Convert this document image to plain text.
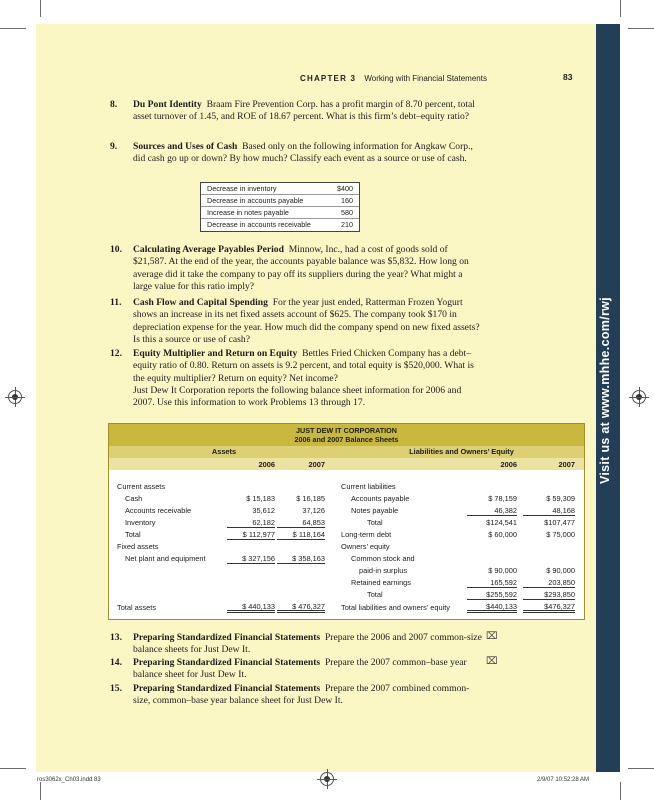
Visit us at www.mhhe.com/rwj
CHAPTER 3 Working with Financial Statements	83
8. Du Pont Identity Braam Fire Prevention Corp. has a profit margin of 8.70 percent, total asset turnover of 1.45, and ROE of 18.67 percent. What is this firm’s debt–equity ratio?
9. Sources and Uses of Cash Based only on the following information for Angkaw Corp., did cash go up or down? By how much? Classify each event as a source or use of cash.
Decrease in inventory	$400
Decrease in accounts payable	160
Increase in notes payable	580
Decrease in accounts receivable	210
10. Calculating Average Payables Period Minnow, Inc., had a cost of goods sold of $21,587. At the end of the year, the accounts payable balance was $5,832. How long on average did it take the company to pay off its suppliers during the year? What might a large value for this ratio imply?
11. Cash Flow and Capital Spending For the year just ended, Ratterman Frozen Yogurt shows an increase in its net fixed assets account of $625. The company took $170 in depreciation expense for the year. How much did the company spend on new fixed assets? Is this a source or use of cash?
12. Equity Multiplier and Return on Equity Bettles Fried Chicken Company has a debt–equity ratio of 0.80. Return on assets is 9.2 percent, and total equity is $520,000. What is the equity multiplier? Return on equity? Net income?
Just Dew It Corporation reports the following balance sheet information for 2006 and 2007. Use this information to work Problems 13 through 17.
JUST DEW IT CORPORATION
2006 and 2007 Balance Sheets
Assets	Liabilities and Owners’ Equity
2006	2007	2006	2007
Current assets
Cash	$ 15,183	$ 16,185
Accounts receivable	35,612	37,126
Inventory	62,182	64,853
Total	$ 112,977	$ 118,164
Fixed assets
Net plant and equipment	$ 327,156	$ 358,163
Total assets	$ 440,133	$ 476,327
Current liabilities
Accounts payable	$ 78,159	$ 59,309
Notes payable	46,382	48,168
Total	$124,541	$107,477
Long-term debt	$ 60,000	$ 75,000
Owners’ equity
Common stock and
paid-in surplus	$ 90,000	$ 90,000
Retained earnings	165,592	203,850
Total	$255,592	$293,850
Total liabilities and owners’ equity	$440,133	$476,327
13. Preparing Standardized Financial Statements Prepare the 2006 and 2007 common-size balance sheets for Just Dew It.
⌧
14. Preparing Standardized Financial Statements Prepare the 2007 common–base year balance sheet for Just Dew It.
⌧
15. Preparing Standardized Financial Statements Prepare the 2007 combined common-size, common–base year balance sheet for Just Dew It.
ros3062x_Ch03.indd 83	2/9/07 10:52:28 AM
